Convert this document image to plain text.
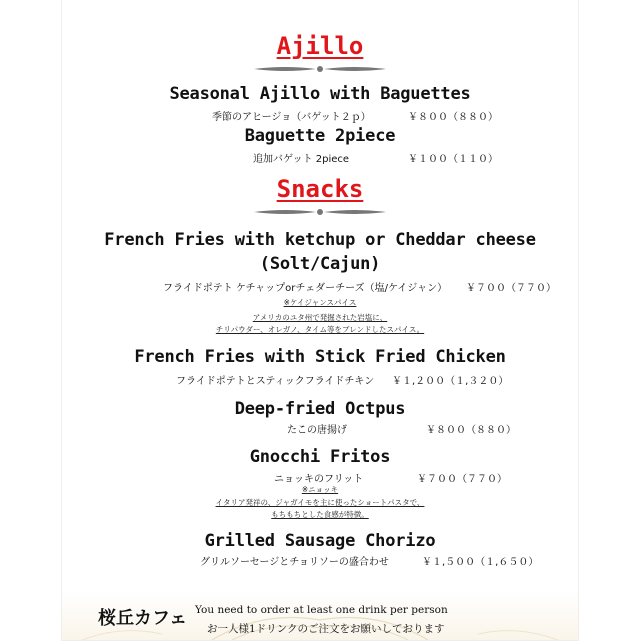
Ajillo
Seasonal Ajillo with Baguettes
季節のアヒージョ（バゲット２ｐ）	￥８００（８８０）
Baguette 2piece
追加バゲット 2piece	￥１００（１１０）
Snacks
French Fries with ketchup or Cheddar cheese
(Solt/Cajun)
フライドポテト ケチャップorチェダーチーズ（塩/ケイジャン） ￥７００（７７０）
※ケイジャンスパイス
アメリカのユタ州で発掘された岩塩に、
チリパウダー、オレガノ、タイム等をブレンドしたスパイス。
French Fries with Stick Fried Chicken
フライドポテトとスティックフライドチキン ￥１,２００（１,３２０）
Deep-fried Octpus
たこの唐揚げ	￥８００（８８０）
Gnocchi Fritos
ニョッキのフリット	￥７００（７７０）
※ニョッキ
イタリア発祥の、ジャガイモを主に使ったショートパスタで、
もちもちとした食感が特徴。
Grilled Sausage Chorizo
グリルソーセージとチョリソーの盛合わせ	￥１,５００（１,６５０）
桜丘カフェ You need to order at least one drink per person
お一人様1ドリンクのご注文をお願いしております
